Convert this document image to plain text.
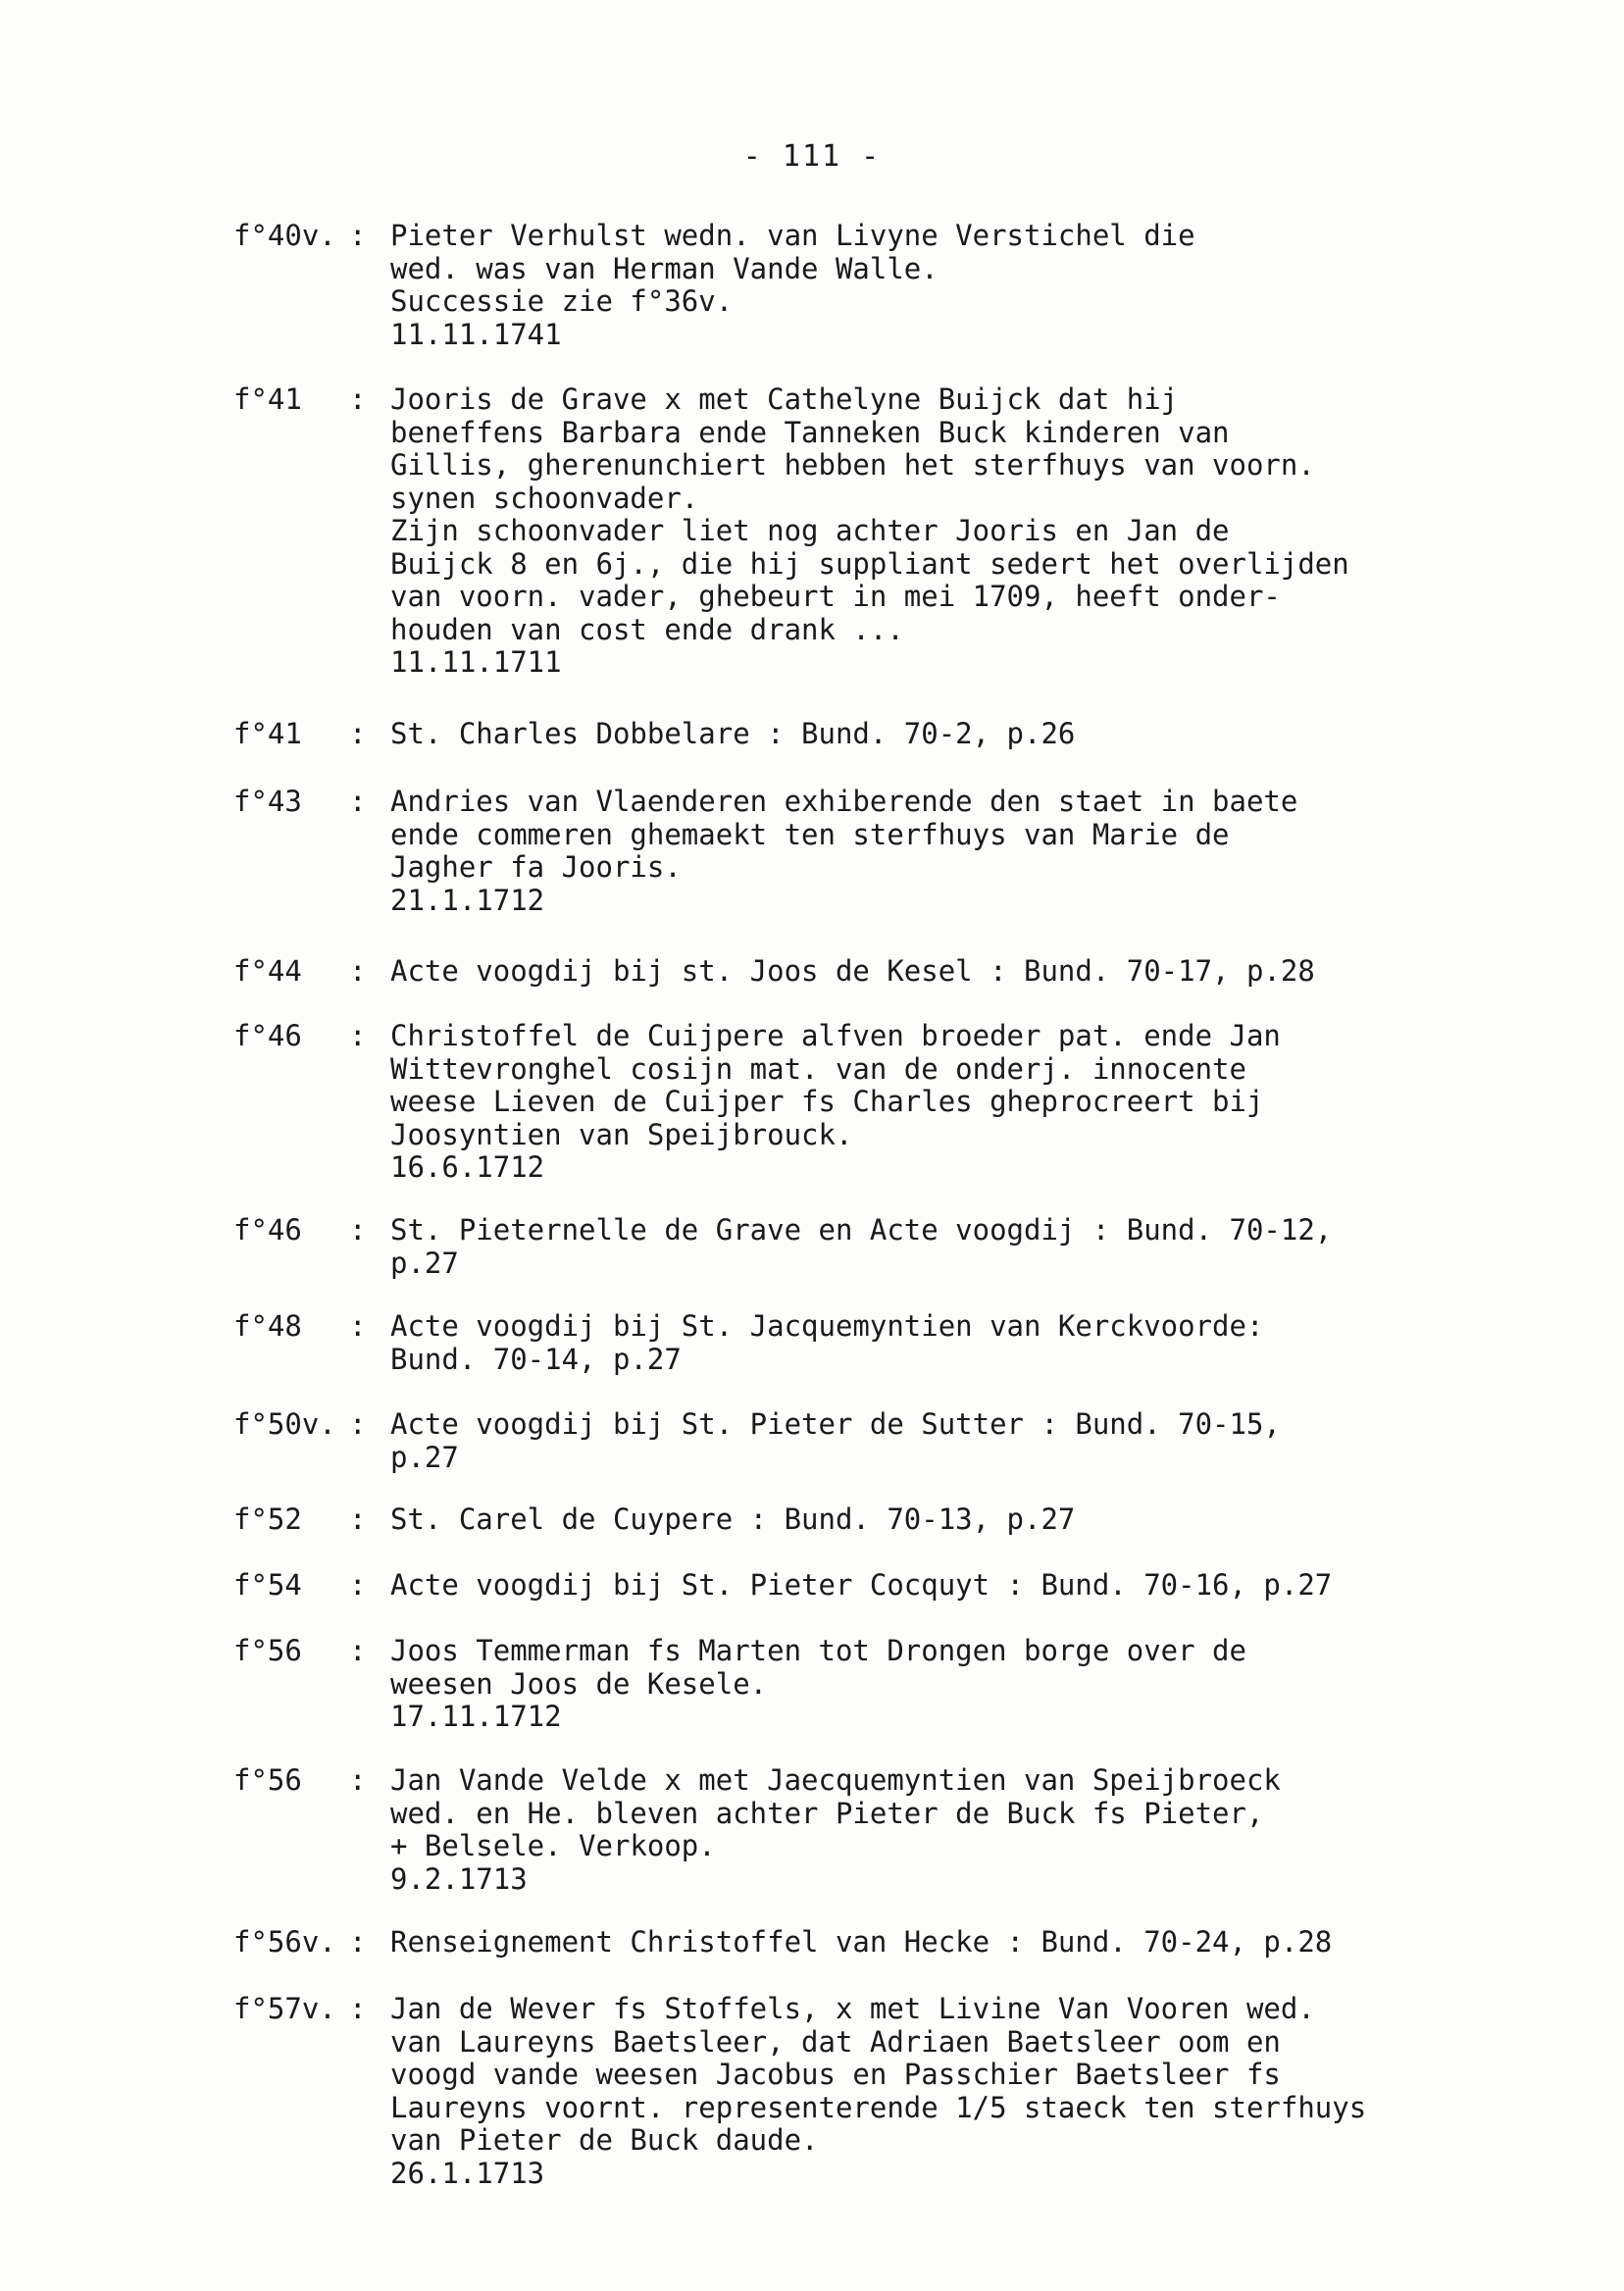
- 111 -
f°40v. : Pieter Verhulst wedn. van Livyne Verstichel die
wed. was van Herman Vande Walle.
Successie zie f°36v.
11.11.1741
f°41	: Jooris de Grave x met Cathelyne Buijck dat hij
beneffens Barbara ende Tanneken Buck kinderen van
Gillis, gherenunchiert hebben het sterfhuys van voorn.
synen schoonvader.
Zijn schoonvader liet nog achter Jooris en Jan de
Buijck 8 en 6j., die hij suppliant sedert het overlijden
van voorn. vader, ghebeurt in mei 1709, heeft onder-
houden van cost ende drank ...
11.11.1711
f°41	: St. Charles Dobbelare : Bund. 70-2, p.26
f°43	: Andries van Vlaenderen exhiberende den staet in baete
ende commeren ghemaekt ten sterfhuys van Marie de
Jagher fa Jooris.
21.1.1712
f°44	: Acte voogdij bij st. Joos de Kesel : Bund. 70-17, p.28
f°46	: Christoffel de Cuijpere alfven broeder pat. ende Jan
Wittevronghel cosijn mat. van de onderj. innocente
weese Lieven de Cuijper fs Charles gheprocreert bij
Joosyntien van Speijbrouck.
16.6.1712
f°46	: St. Pieternelle de Grave en Acte voogdij : Bund. 70-12,
p.27
f°48	: Acte voogdij bij St. Jacquemyntien van Kerckvoorde:
Bund. 70-14, p.27
f°50v. : Acte voogdij bij St. Pieter de Sutter : Bund. 70-15,
p.27
f°52	: St. Carel de Cuypere : Bund. 70-13, p.27
f°54	: Acte voogdij bij St. Pieter Cocquyt : Bund. 70-16, p.27
f°56	: Joos Temmerman fs Marten tot Drongen borge over de
weesen Joos de Kesele.
17.11.1712
f°56	: Jan Vande Velde x met Jaecquemyntien van Speijbroeck
wed. en He. bleven achter Pieter de Buck fs Pieter,
+ Belsele. Verkoop.
9.2.1713
f°56v. : Renseignement Christoffel van Hecke : Bund. 70-24, p.28
f°57v. : Jan de Wever fs Stoffels, x met Livine Van Vooren wed.
van Laureyns Baetsleer, dat Adriaen Baetsleer oom en
voogd vande weesen Jacobus en Passchier Baetsleer fs
Laureyns voornt. representerende 1/5 staeck ten sterfhuys
van Pieter de Buck daude.
26.1.1713
